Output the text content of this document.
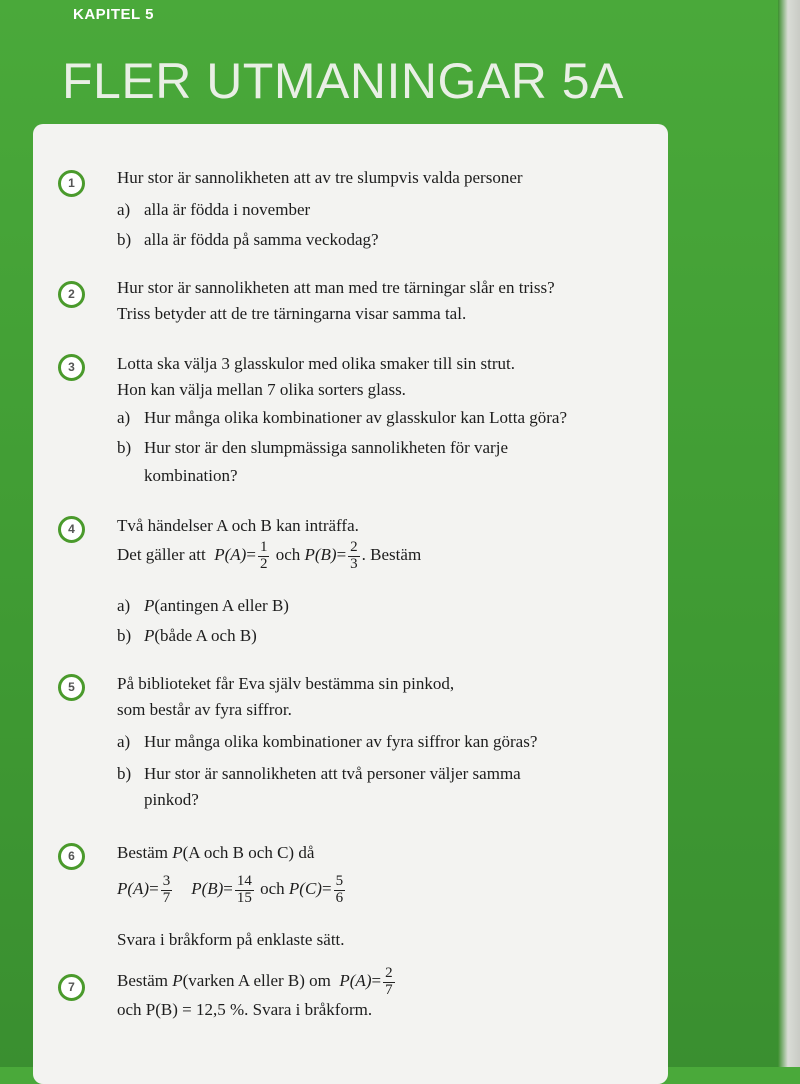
KAPITEL 5
FLER UTMANINGAR 5A
1	Hur stor är sannolikheten att av tre slumpvis valda personer
a) alla är födda i november
b) alla är födda på samma veckodag?
2	Hur stor är sannolikheten att man med tre tärningar slår en triss?
Triss betyder att de tre tärningarna visar samma tal.
3	Lotta ska välja 3 glasskulor med olika smaker till sin strut.
Hon kan välja mellan 7 olika sorters glass.
a) Hur många olika kombinationer av glasskulor kan Lotta göra?
b) Hur stor är den slumpmässiga sannolikheten för varje
kombination?
4	Två händelser A och B kan inträffa.
Det gäller att $P(A)= \frac{1}{2}$ och $P(B)= \frac{2}{3}$ . Bestäm
a) P(antingen A eller B)
b) P(både A och B)
5	På biblioteket får Eva själv bestämma sin pinkod,
som består av fyra siffror.
a) Hur många olika kombinationer av fyra siffror kan göras?
b) Hur stor är sannolikheten att två personer väljer samma
pinkod?
6	Bestäm P(A och B och C) då
$P(A)= \frac{3}{7} P(B)= \frac{14}{15}$ och $P(C)= \frac{5}{6}$
Svara i bråkform på enklaste sätt.
7	Bestäm P(varken A eller B) om $P(A)= \frac{2}{7}$
och P(B) = 12,5 %. Svara i bråkform.
